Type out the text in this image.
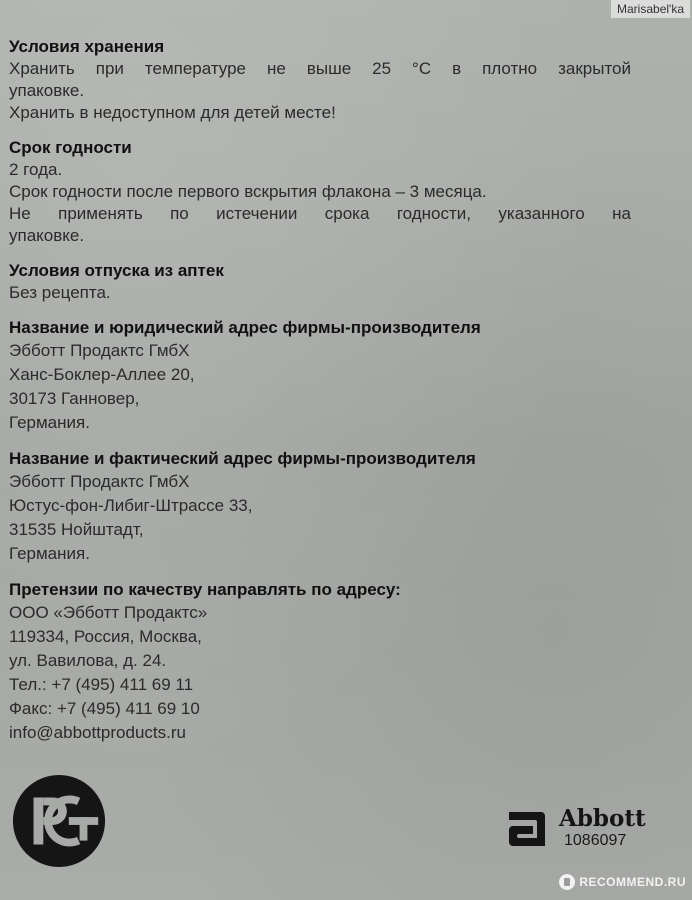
Marisabel'ka
Условия хранения
Хранить при температуре не выше 25 °С в плотно закрытой
упаковке.
Хранить в недоступном для детей месте!
Срок годности
2 года.
Срок годности после первого вскрытия флакона – 3 месяца.
Не применять по истечении срока годности, указанного на
упаковке.
Условия отпуска из аптек
Без рецепта.
Название и юридический адрес фирмы-производителя
Эбботт Продактс ГмбХ
Ханс-Боклер-Аллее 20,
30173 Ганновер,
Германия.
Название и фактический адрес фирмы-производителя
Эбботт Продактс ГмбХ
Юстус-фон-Либиг-Штрассе 33,
31535 Нойштадт,
Германия.
Претензии по качеству направлять по адресу:
ООО «Эбботт Продактс»
119334, Россия, Москва,
ул. Вавилова, д. 24.
Тел.: +7 (495) 411 69 11
Факс: +7 (495) 411 69 10
info@abbottproducts.ru
Abbott
1086097
RECOMMEND.RU
